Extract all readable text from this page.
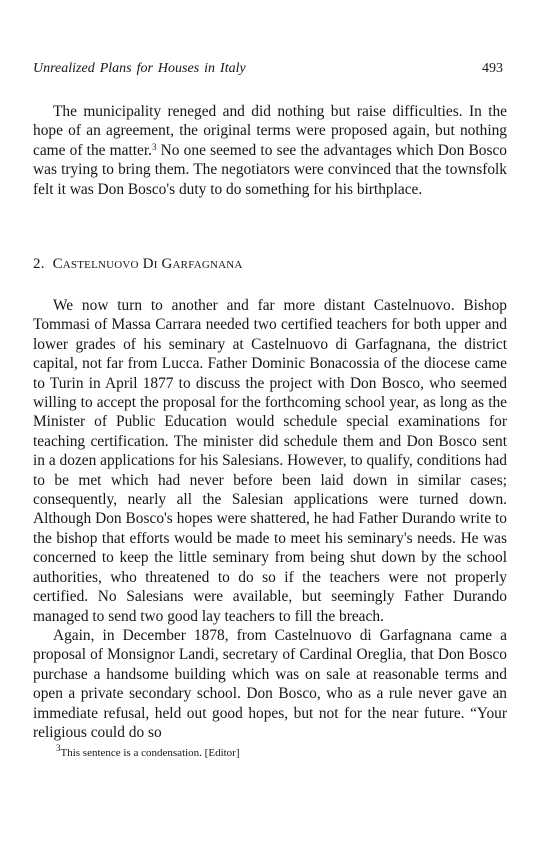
Unrealized Plans for Houses in Italy	493

The municipality reneged and did nothing but raise difficulties. In the hope of an agreement, the original terms were proposed again, but nothing came of the matter.$^3$ No one seemed to see the advantages which Don Bosco was trying to bring them. The negotiators were convinced that the townsfolk felt it was Don Bosco's duty to do something for his birthplace.

2. Castelnuovo Di Garfagnana

We now turn to another and far more distant Castelnuovo. Bishop Tommasi of Massa Carrara needed two certified teachers for both upper and lower grades of his seminary at Castelnuovo di Garfagnana, the district capital, not far from Lucca. Father Dominic Bonacossia of the diocese came to Turin in April 1877 to discuss the project with Don Bosco, who seemed willing to accept the proposal for the forthcoming school year, as long as the Minister of Public Education would schedule special examinations for teaching certification. The minister did schedule them and Don Bosco sent in a dozen applications for his Salesians. However, to qualify, conditions had to be met which had never before been laid down in similar cases; consequently, nearly all the Salesian applications were turned down. Although Don Bosco's hopes were shattered, he had Father Durando write to the bishop that efforts would be made to meet his seminary's needs. He was concerned to keep the little seminary from being shut down by the school authorities, who threatened to do so if the teachers were not properly certified. No Salesians were available, but seemingly Father Durando managed to send two good lay teachers to fill the breach.

Again, in December 1878, from Castelnuovo di Garfagnana came a proposal of Monsignor Landi, secretary of Cardinal Oreglia, that Don Bosco purchase a handsome building which was on sale at reasonable terms and open a private secondary school. Don Bosco, who as a rule never gave an immediate refusal, held out good hopes, but not for the near future. “Your religious could do so

$^3$This sentence is a condensation. [Editor]
